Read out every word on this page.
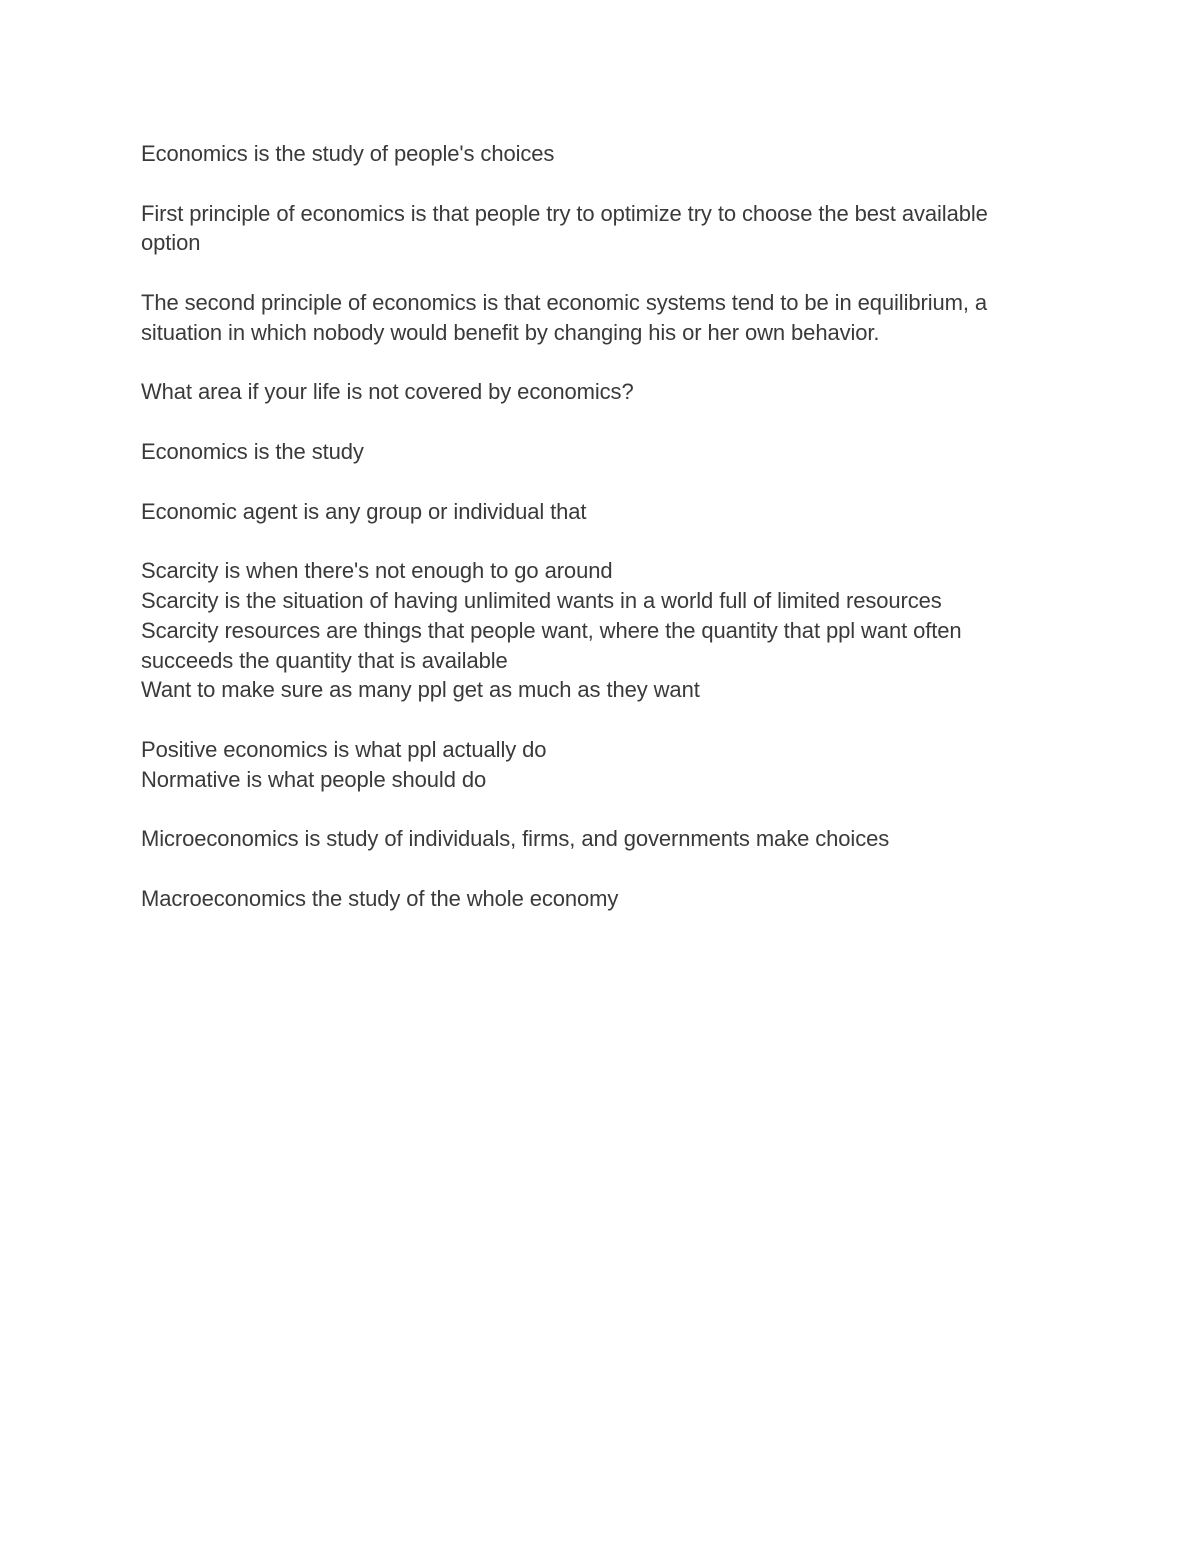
Economics is the study of people's choices

First principle of economics is that people try to optimize try to choose the best available
option

The second principle of economics is that economic systems tend to be in equilibrium, a
situation in which nobody would benefit by changing his or her own behavior.

What area if your life is not covered by economics?

Economics is the study

Economic agent is any group or individual that

Scarcity is when there's not enough to go around
Scarcity is the situation of having unlimited wants in a world full of limited resources
Scarcity resources are things that people want, where the quantity that ppl want often
succeeds the quantity that is available
Want to make sure as many ppl get as much as they want

Positive economics is what ppl actually do
Normative is what people should do

Microeconomics is study of individuals, firms, and governments make choices

Macroeconomics the study of the whole economy
